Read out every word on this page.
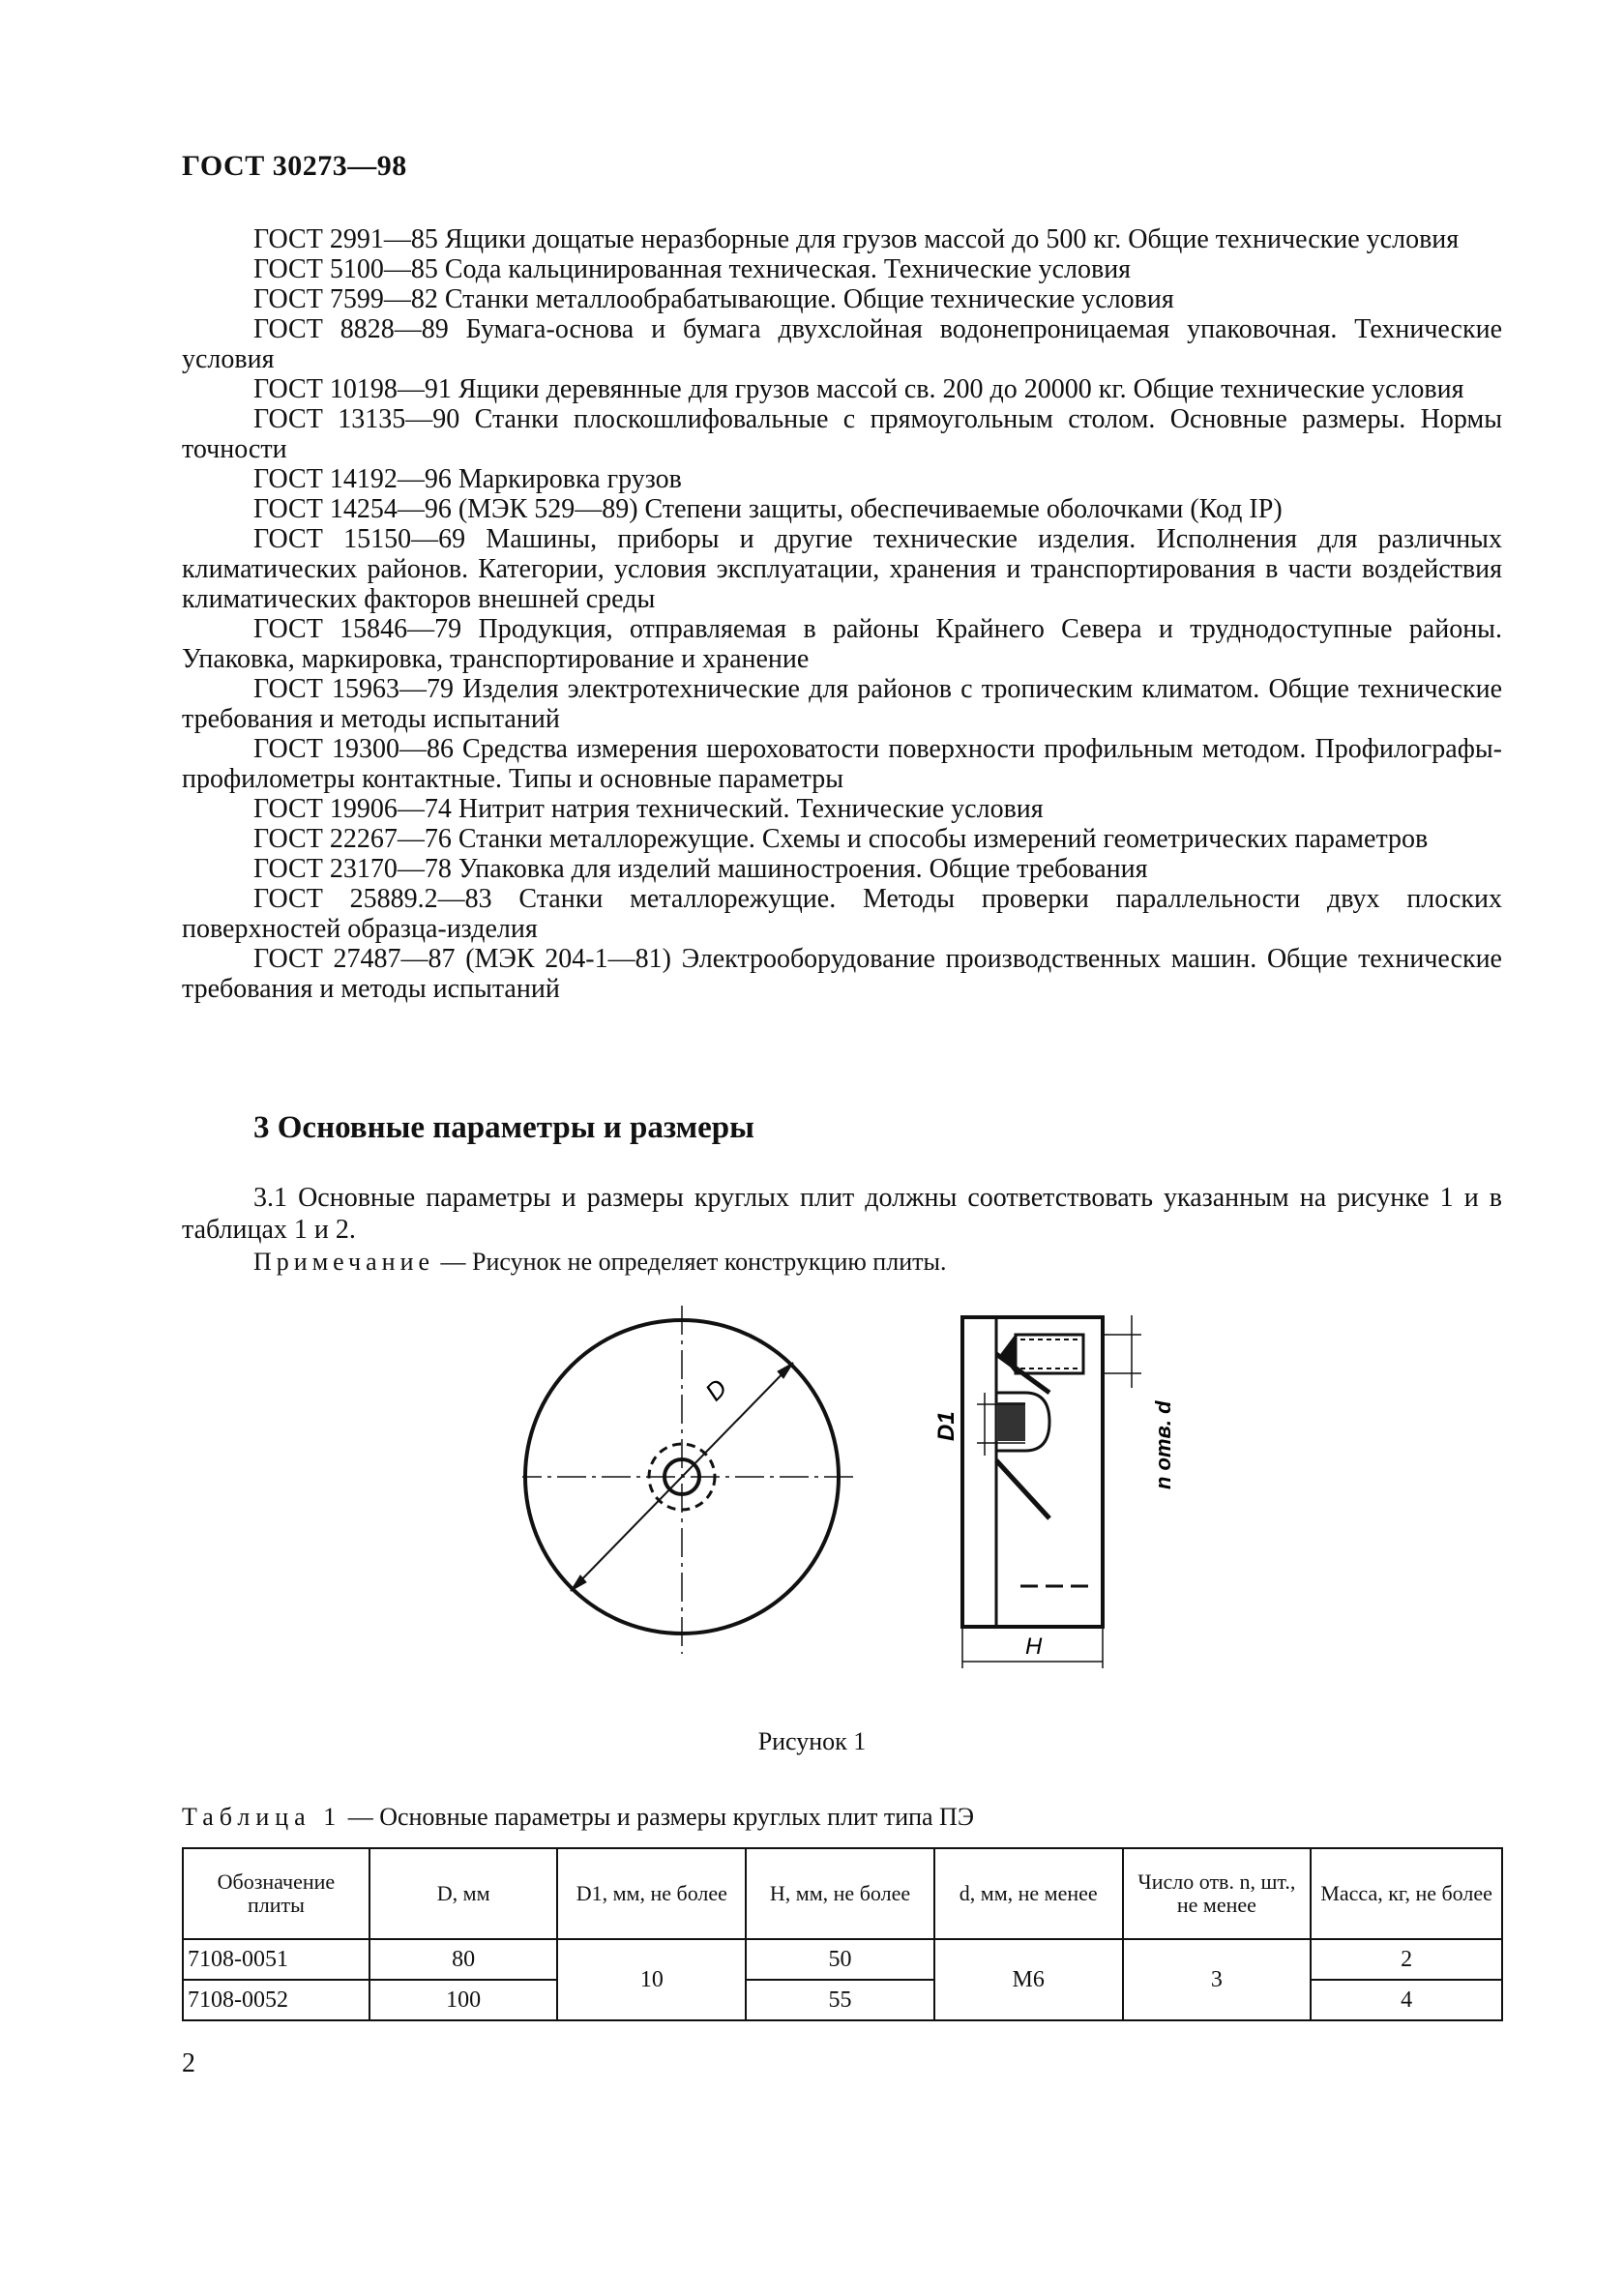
ГОСТ 30273—98

ГОСТ 2991—85 Ящики дощатые неразборные для грузов массой до 500 кг. Общие технические условия

ГОСТ 5100—85 Сода кальцинированная техническая. Технические условия

ГОСТ 7599—82 Станки металлообрабатывающие. Общие технические условия

ГОСТ 8828—89 Бумага-основа и бумага двухслойная водонепроницаемая упаковочная. Технические условия

ГОСТ 10198—91 Ящики деревянные для грузов массой св. 200 до 20000 кг. Общие технические условия

ГОСТ 13135—90 Станки плоскошлифовальные с прямоугольным столом. Основные размеры. Нормы точности

ГОСТ 14192—96 Маркировка грузов

ГОСТ 14254—96 (МЭК 529—89) Степени защиты, обеспечиваемые оболочками (Код IP)

ГОСТ 15150—69 Машины, приборы и другие технические изделия. Исполнения для различных климатических районов. Категории, условия эксплуатации, хранения и транспортирования в части воздействия климатических факторов внешней среды

ГОСТ 15846—79 Продукция, отправляемая в районы Крайнего Севера и труднодоступные районы. Упаковка, маркировка, транспортирование и хранение

ГОСТ 15963—79 Изделия электротехнические для районов с тропическим климатом. Общие технические требования и методы испытаний

ГОСТ 19300—86 Средства измерения шероховатости поверхности профильным методом. Профилографы-профилометры контактные. Типы и основные параметры

ГОСТ 19906—74 Нитрит натрия технический. Технические условия

ГОСТ 22267—76 Станки металлорежущие. Схемы и способы измерений геометрических параметров

ГОСТ 23170—78 Упаковка для изделий машиностроения. Общие требования

ГОСТ 25889.2—83 Станки металлорежущие. Методы проверки параллельности двух плоских поверхностей образца-изделия

ГОСТ 27487—87 (МЭК 204-1—81) Электрооборудование производственных машин. Общие технические требования и методы испытаний

3 Основные параметры и размеры
3.1 Основные параметры и размеры круглых плит должны соответствовать указанным на рисунке 1 и в таблицах 1 и 2.
Примечание — Рисунок не определяет конструкцию плиты.
D
D1	n отв. d
H
Рисунок 1
Таблица 1 — Основные параметры и размеры круглых плит типа ПЭ
Обозначение плиты	D, мм	D1, мм, не более	H, мм, не более	d, мм, не менее	Число отв. n, шт., не менее	Масса, кг, не более
7108-0051	80	10	50	M6	3	2
7108-0052	100		55			4
2
